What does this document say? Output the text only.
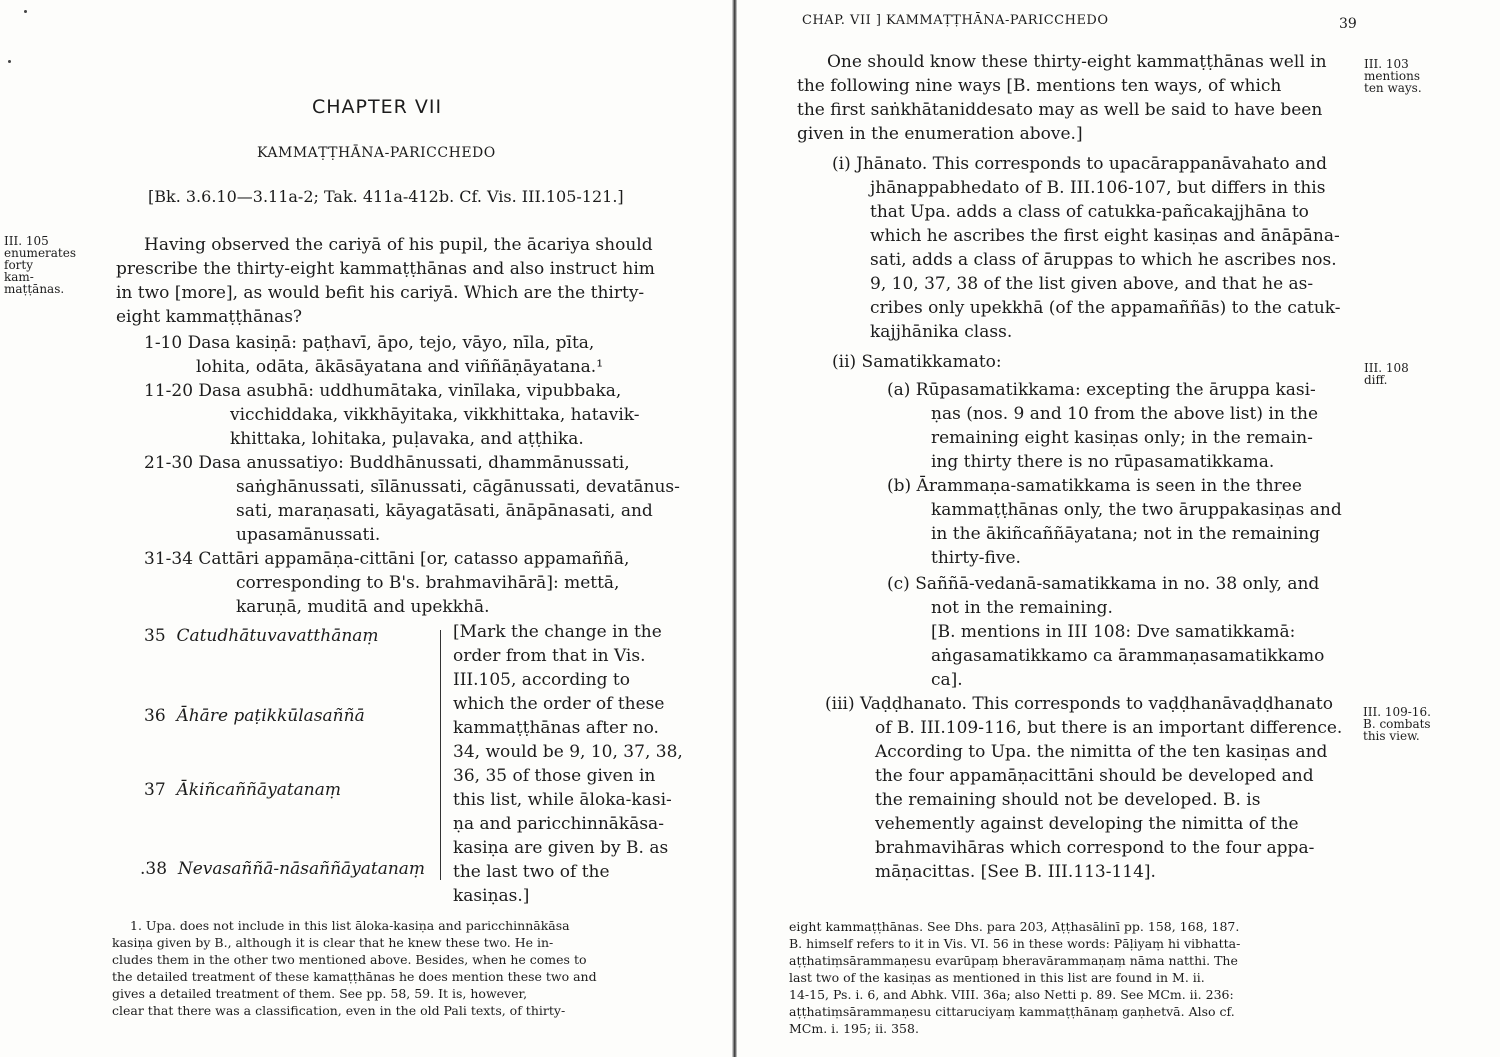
CHAPTER VII
KAMMAṬṬHĀNA-PARICCHEDO
[Bk. 3.6.10—3.11a-2; Tak. 411a-412b. Cf. Vis. III.105-121.]
III. 105
enumerates
forty
kam-
maṭṭānas.
Having observed the cariyā of his pupil, the ācariya should
prescribe the thirty-eight kammaṭṭhānas and also instruct him
in two [more], as would befit his cariyā. Which are the thirty-
eight kammaṭṭhānas?
1-10 Dasa kasiṇā: paṭhavī, āpo, tejo, vāyo, nīla, pīta,
lohita, odāta, ākāsāyatana and viññāṇāyatana.¹
11-20 Dasa asubhā: uddhumātaka, vinīlaka, vipubbaka,
vicchiddaka, vikkhāyitaka, vikkhittaka, hatavik-
khittaka, lohitaka, puḷavaka, and aṭṭhika.
21-30 Dasa anussatiyo: Buddhānussati, dhammānussati,
saṅghānussati, sīlānussati, cāgānussati, devatānus-
sati, maraṇasati, kāyagatāsati, ānāpānasati, and
upasamānussati.
31-34 Cattāri appamāṇa-cittāni [or, catasso appamaññā,
corresponding to B's. brahmavihārā]: mettā,
karuṇā, muditā and upekkhā.
35 Catudhātuvavatthānaṃ
36 Āhāre paṭikkūlasaññā
37 Ākiñcaññāyatanaṃ
.38 Nevasaññā-nāsaññāyatanaṃ
[Mark the change in the
order from that in Vis.
III.105, according to
which the order of these
kammaṭṭhānas after no.
34, would be 9, 10, 37, 38,
36, 35 of those given in
this list, while āloka-kasi-
ṇa and paricchinnākāsa-
kasiṇa are given by B. as
the last two of the kasiṇas.]
1. Upa. does not include in this list āloka-kasiṇa and paricchinnākāsa
kasiṇa given by B., although it is clear that he knew these two. He in-
cludes them in the other two mentioned above. Besides, when he comes to
the detailed treatment of these kamaṭṭhānas he does mention these two and
gives a detailed treatment of them. See pp. 58, 59. It is, however,
clear that there was a classification, even in the old Pali texts, of thirty-
CHAP. VII ] KAMMAṬṬHĀNA-PARICCHEDO	39
III. 103
mentions
ten ways.
III. 108
diff.
III. 109-16.
B. combats
this view.
One should know these thirty-eight kammaṭṭhānas well in
the following nine ways [B. mentions ten ways, of which
the first saṅkhātaniddesato may as well be said to have been
given in the enumeration above.]
(i) Jhānato. This corresponds to upacārappanāvahato and
jhānappabhedato of B. III.106-107, but differs in this
that Upa. adds a class of catukka-pañcakajjhāna to
which he ascribes the first eight kasiṇas and ānāpāna-
sati, adds a class of āruppas to which he ascribes nos.
9, 10, 37, 38 of the list given above, and that he as-
cribes only upekkhā (of the appamaññās) to the catuk-
kajjhānika class.
(ii) Samatikkamato:
(a) Rūpasamatikkama: excepting the āruppa kasi-
ṇas (nos. 9 and 10 from the above list) in the
remaining eight kasiṇas only; in the remain-
ing thirty there is no rūpasamatikkama.
(b) Ārammaṇa-samatikkama is seen in the three
kammaṭṭhānas only, the two āruppakasiṇas and
in the ākiñcaññāyatana; not in the remaining
thirty-five.
(c) Saññā-vedanā-samatikkama in no. 38 only, and
not in the remaining.
[B. mentions in III 108: Dve samatikkamā:
aṅgasamatikkamo ca ārammaṇasamatikkamo
ca].
(iii) Vaḍḍhanato. This corresponds to vaḍḍhanāvaḍḍhanato
of B. III.109-116, but there is an important difference.
According to Upa. the nimitta of the ten kasiṇas and
the four appamāṇacittāni should be developed and
the remaining should not be developed. B. is
vehemently against developing the nimitta of the
brahmavihāras which correspond to the four appa-
māṇacittas. [See B. III.113-114].
eight kammaṭṭhānas. See Dhs. para 203, Aṭṭhasālinī pp. 158, 168, 187.
B. himself refers to it in Vis. VI. 56 in these words: Pāḷiyaṃ hi vibhatta-
aṭṭhatiṃsārammaṇesu evarūpaṃ bheravārammaṇaṃ nāma natthi. The
last two of the kasiṇas as mentioned in this list are found in M. ii.
14-15, Ps. i. 6, and Abhk. VIII. 36a; also Netti p. 89. See MCm. ii. 236:
aṭṭhatiṃsārammaṇesu cittaruciyaṃ kammaṭṭhānaṃ gaṇhetvā. Also cf.
MCm. i. 195; ii. 358.
